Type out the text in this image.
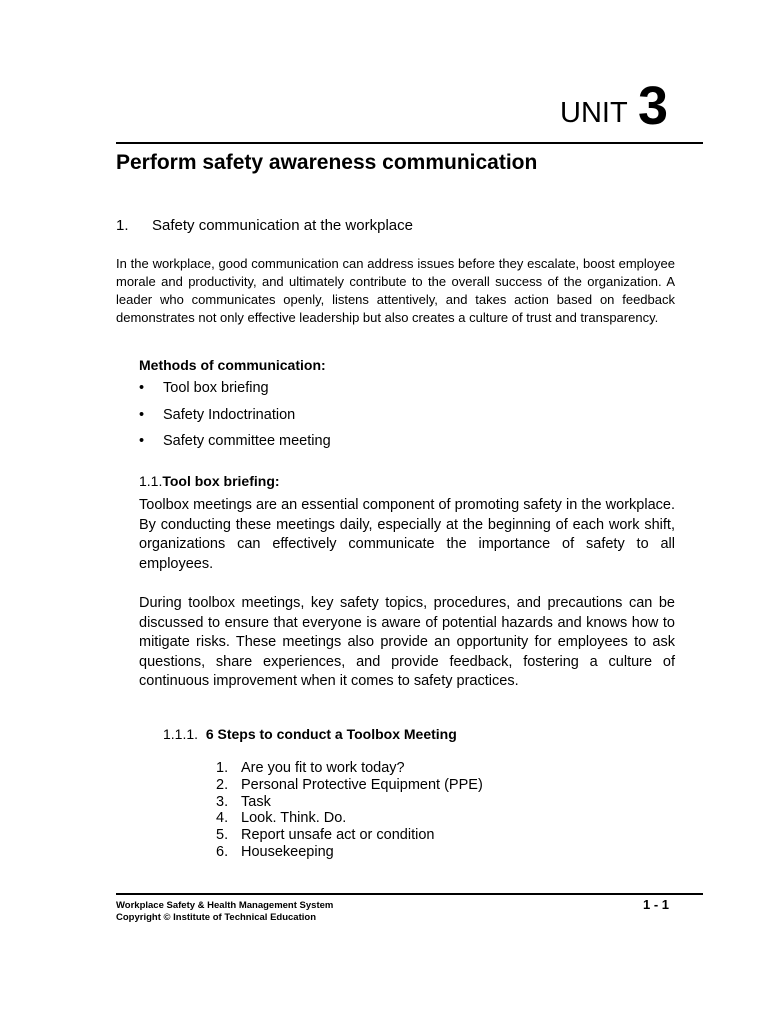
UNIT 3
Perform safety awareness communication
1. Safety communication at the workplace
In the workplace, good communication can address issues before they escalate, boost employee morale and productivity, and ultimately contribute to the overall success of the organization. A leader who communicates openly, listens attentively, and takes action based on feedback demonstrates not only effective leadership but also creates a culture of trust and transparency.
Methods of communication:
•	Tool box briefing
•	Safety Indoctrination
•	Safety committee meeting
1.1.Tool box briefing:
Toolbox meetings are an essential component of promoting safety in the workplace. By conducting these meetings daily, especially at the beginning of each work shift, organizations can effectively communicate the importance of safety to all employees.
During toolbox meetings, key safety topics, procedures, and precautions can be discussed to ensure that everyone is aware of potential hazards and knows how to mitigate risks. These meetings also provide an opportunity for employees to ask questions, share experiences, and provide feedback, fostering a culture of continuous improvement when it comes to safety practices.
1.1.1. 6 Steps to conduct a Toolbox Meeting
1. Are you fit to work today?
2. Personal Protective Equipment (PPE)
3. Task
4. Look. Think. Do.
5. Report unsafe act or condition
6. Housekeeping
Workplace Safety & Health Management System
Copyright © Institute of Technical Education
1 - 1
